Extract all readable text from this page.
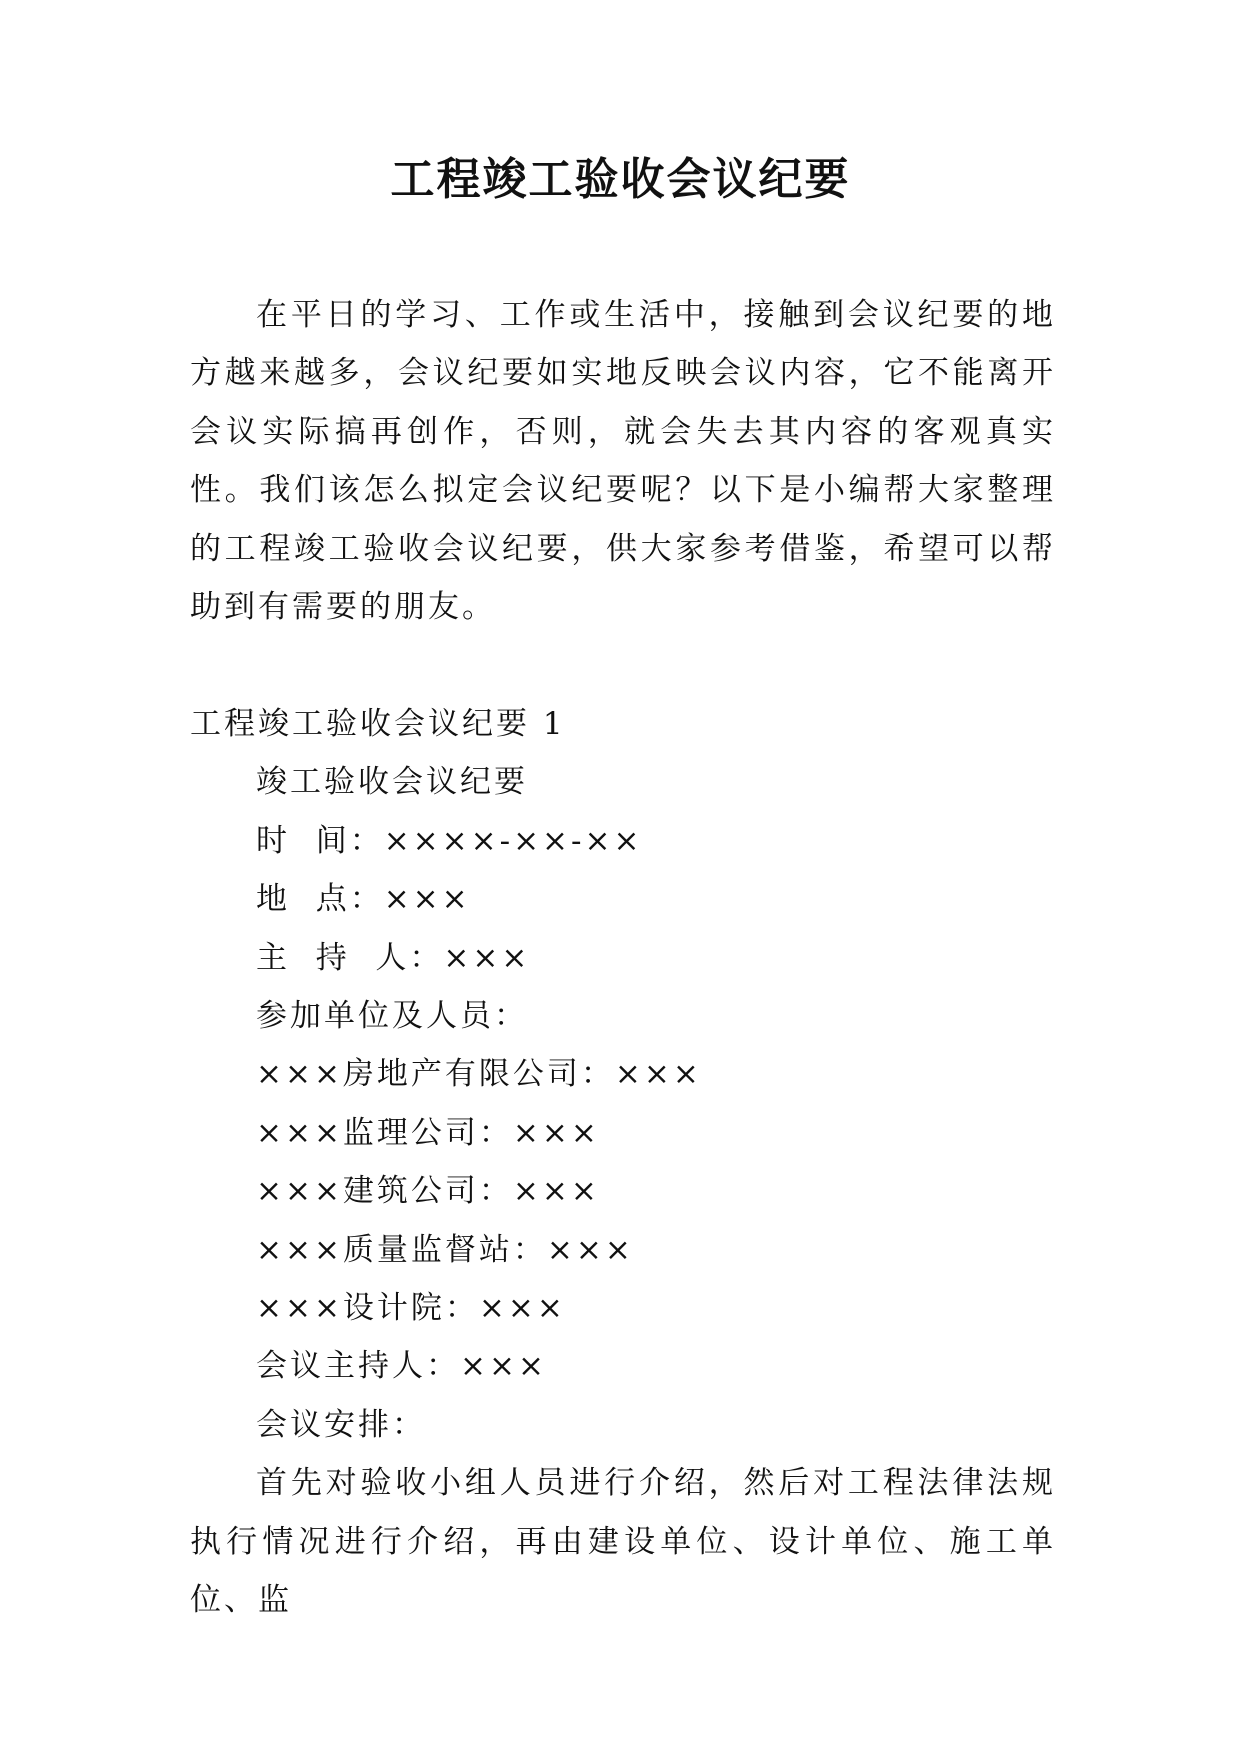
工程竣工验收会议纪要

在平日的学习、工作或生活中，接触到会议纪要的地方越来越多，会议纪要如实地反映会议内容，它不能离开会议实际搞再创作，否则，就会失去其内容的客观真实性。我们该怎么拟定会议纪要呢？以下是小编帮大家整理的工程竣工验收会议纪要，供大家参考借鉴，希望可以帮助到有需要的朋友。

工程竣工验收会议纪要 1

竣工验收会议纪要

时  间：××××-××-××

地  点：×××

主  持  人：×××

参加单位及人员：

×××房地产有限公司：×××

×××监理公司：×××

×××建筑公司：×××

×××质量监督站：×××

×××设计院：×××

会议主持人：×××

会议安排：

首先对验收小组人员进行介绍，然后对工程法律法规执行情况进行介绍，再由建设单位、设计单位、施工单位、监
